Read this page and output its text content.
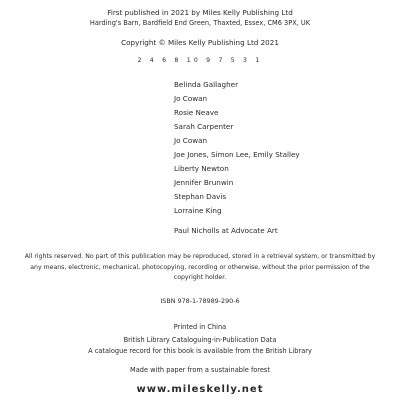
First published in 2021 by Miles Kelly Publishing Ltd
Harding's Barn, Bardfield End Green, Thaxted, Essex, CM6 3PX, UK
Copyright © Miles Kelly Publishing Ltd 2021
2 4 6 8 10 9 7 5 3 1
Belinda Gallagher
Jo Cowan
Rosie Neave
Sarah Carpenter
Jo Cowan
Joe Jones, Simon Lee, Emily Stalley
Liberty Newton
Jennifer Brunwin
Stephan Davis
Lorraine King
Paul Nicholls at Advocate Art
All rights reserved. No part of this publication may be reproduced, stored in a retrieval system, or transmitted by any means, electronic, mechanical, photocopying, recording or otherwise, without the prior permission of the copyright holder.
ISBN 978-1-78989-290-6
Printed in China
British Library Cataloguing-in-Publication Data
A catalogue record for this book is available from the British Library
Made with paper from a sustainable forest
www.mileskelly.net
